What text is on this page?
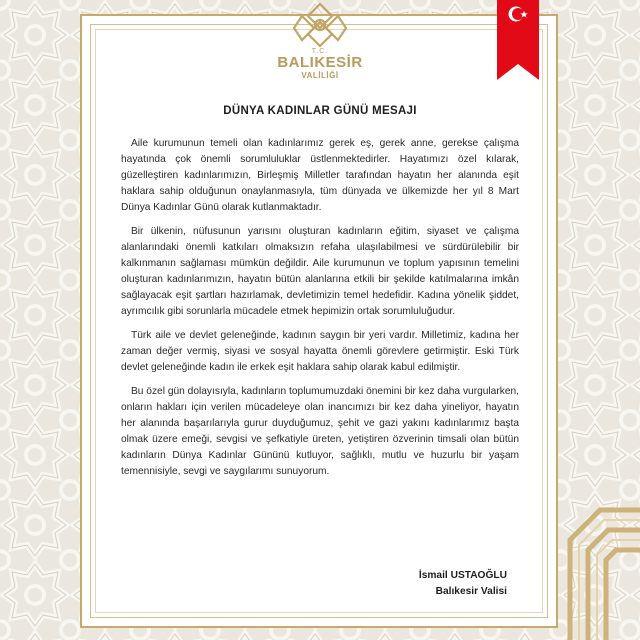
T.C.
BALIKESİR
VALİLİĞİ
DÜNYA KADINLAR GÜNÜ MESAJI

Aile kurumunun temeli olan kadınlarımız gerek eş, gerek anne, gerekse çalışma hayatında çok önemli sorumluluklar üstlenmektedirler. Hayatımızı özel kılarak, güzelleştiren kadınlarımızın, Birleşmiş Milletler tarafından hayatın her alanında eşit haklara sahip olduğunun onaylanmasıyla, tüm dünyada ve ülkemizde her yıl 8 Mart Dünya Kadınlar Günü olarak kutlanmaktadır.

Bir ülkenin, nüfusunun yarısını oluşturan kadınların eğitim, siyaset ve çalışma alanlarındaki önemli katkıları olmaksızın refaha ulaşılabilmesi ve sürdürülebilir bir kalkınmanın sağlaması mümkün değildir. Aile kurumunun ve toplum yapısının temelini oluşturan kadınlarımızın, hayatın bütün alanlarına etkili bir şekilde katılmalarına imkân sağlayacak eşit şartları hazırlamak, devletimizin temel hedefidir. Kadına yönelik şiddet, ayrımcılık gibi sorunlarla mücadele etmek hepimizin ortak sorumluluğudur.

Türk aile ve devlet geleneğinde, kadının saygın bir yeri vardır. Milletimiz, kadına her zaman değer vermiş, siyasi ve sosyal hayatta önemli görevlere getirmiştir. Eski Türk devlet geleneğinde kadın ile erkek eşit haklara sahip olarak kabul edilmiştir.

Bu özel gün dolayısıyla, kadınların toplumumuzdaki önemini bir kez daha vurgularken, onların hakları için verilen mücadeleye olan inancımızı bir kez daha yineliyor, hayatın her alanında başarılarıyla gurur duyduğumuz, şehit ve gazi yakını kadınlarımız başta olmak üzere emeği, sevgisi ve şefkatiyle üreten, yetiştiren özverinin timsali olan bütün kadınların Dünya Kadınlar Gününü kutluyor, sağlıklı, mutlu ve huzurlu bir yaşam temennisiyle, sevgi ve saygılarımı sunuyorum.

İsmail USTAOĞLU
Balıkesir Valisi
